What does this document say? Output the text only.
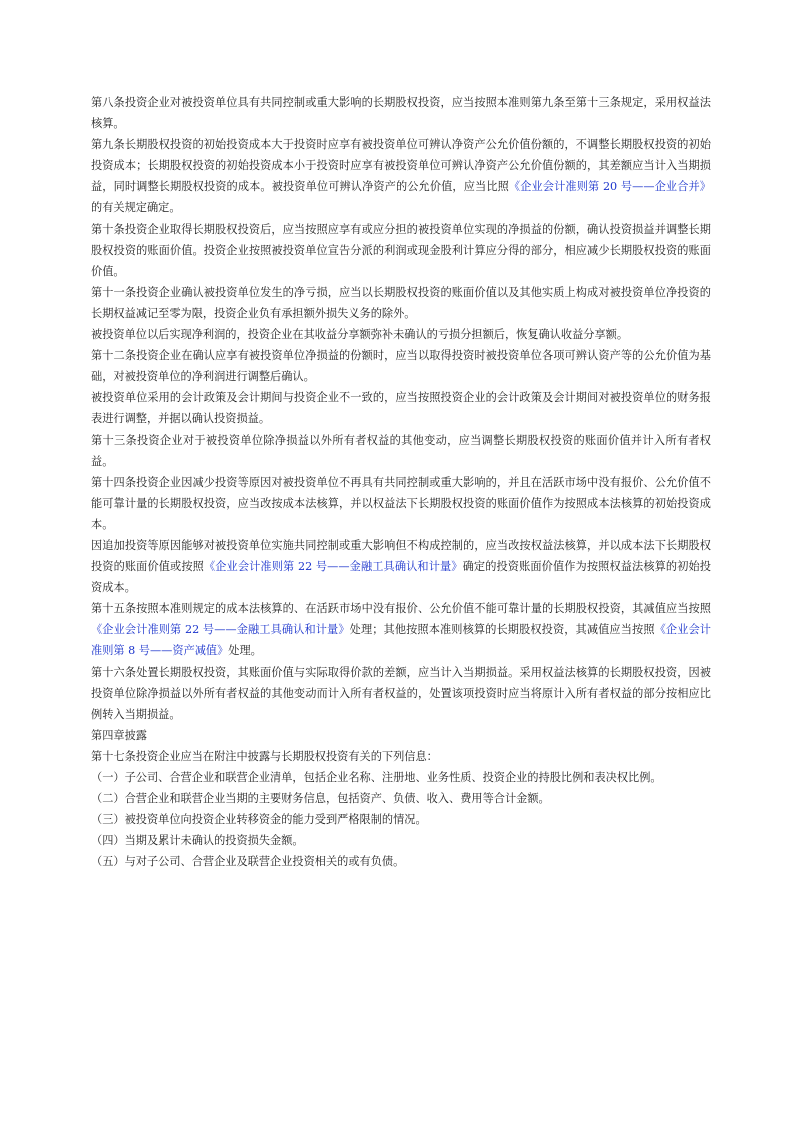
第八条投资企业对被投资单位具有共同控制或重大影响的长期股权投资，应当按照本准则第九条至第十三条规定，采用权益法核算。

第九条长期股权投资的初始投资成本大于投资时应享有被投资单位可辨认净资产公允价值份额的，不调整长期股权投资的初始投资成本；长期股权投资的初始投资成本小于投资时应享有被投资单位可辨认净资产公允价值份额的，其差额应当计入当期损益，同时调整长期股权投资的成本。被投资单位可辨认净资产的公允价值，应当比照《企业会计准则第 20 号——企业合并》的有关规定确定。

第十条投资企业取得长期股权投资后，应当按照应享有或应分担的被投资单位实现的净损益的份额，确认投资损益并调整长期股权投资的账面价值。投资企业按照被投资单位宣告分派的利润或现金股利计算应分得的部分，相应减少长期股权投资的账面价值。

第十一条投资企业确认被投资单位发生的净亏损，应当以长期股权投资的账面价值以及其他实质上构成对被投资单位净投资的长期权益减记至零为限，投资企业负有承担额外损失义务的除外。

被投资单位以后实现净利润的，投资企业在其收益分享额弥补未确认的亏损分担额后，恢复确认收益分享额。

第十二条投资企业在确认应享有被投资单位净损益的份额时，应当以取得投资时被投资单位各项可辨认资产等的公允价值为基础，对被投资单位的净利润进行调整后确认。

被投资单位采用的会计政策及会计期间与投资企业不一致的，应当按照投资企业的会计政策及会计期间对被投资单位的财务报表进行调整，并据以确认投资损益。

第十三条投资企业对于被投资单位除净损益以外所有者权益的其他变动，应当调整长期股权投资的账面价值并计入所有者权益。

第十四条投资企业因减少投资等原因对被投资单位不再具有共同控制或重大影响的，并且在活跃市场中没有报价、公允价值不能可靠计量的长期股权投资，应当改按成本法核算，并以权益法下长期股权投资的账面价值作为按照成本法核算的初始投资成本。

因追加投资等原因能够对被投资单位实施共同控制或重大影响但不构成控制的，应当改按权益法核算，并以成本法下长期股权投资的账面价值或按照《企业会计准则第 22 号——金融工具确认和计量》确定的投资账面价值作为按照权益法核算的初始投资成本。

第十五条按照本准则规定的成本法核算的、在活跃市场中没有报价、公允价值不能可靠计量的长期股权投资，其减值应当按照《企业会计准则第 22 号——金融工具确认和计量》处理；其他按照本准则核算的长期股权投资，其减值应当按照《企业会计准则第 8 号——资产减值》处理。

第十六条处置长期股权投资，其账面价值与实际取得价款的差额，应当计入当期损益。采用权益法核算的长期股权投资，因被投资单位除净损益以外所有者权益的其他变动而计入所有者权益的，处置该项投资时应当将原计入所有者权益的部分按相应比例转入当期损益。

第四章披露

第十七条投资企业应当在附注中披露与长期股权投资有关的下列信息：

（一）子公司、合营企业和联营企业清单，包括企业名称、注册地、业务性质、投资企业的持股比例和表决权比例。

（二）合营企业和联营企业当期的主要财务信息，包括资产、负债、收入、费用等合计金额。

（三）被投资单位向投资企业转移资金的能力受到严格限制的情况。

（四）当期及累计未确认的投资损失金额。

（五）与对子公司、合营企业及联营企业投资相关的或有负债。
